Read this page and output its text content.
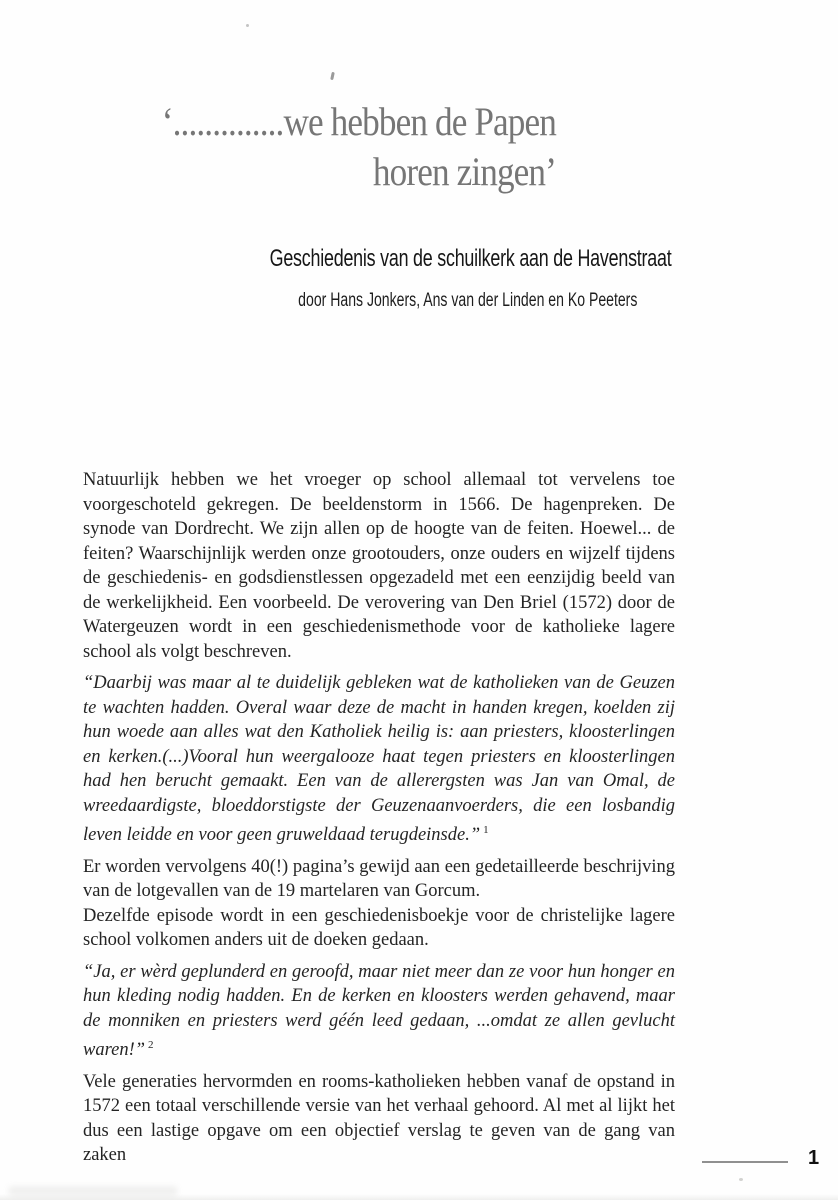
‘..............we hebben de Papen
horen zingen’
Geschiedenis van de schuilkerk aan de Havenstraat
door Hans Jonkers, Ans van der Linden en Ko Peeters
Natuurlijk hebben we het vroeger op school allemaal tot vervelens toe voorgeschoteld gekregen. De beeldenstorm in 1566. De hagenpreken. De synode van Dordrecht. We zijn allen op de hoogte van de feiten. Hoewel... de feiten? Waarschijnlijk werden onze grootouders, onze ouders en wijzelf tijdens de geschiedenis- en godsdienstlessen opgezadeld met een eenzijdig beeld van de werkelijkheid. Een voorbeeld. De verovering van Den Briel (1572) door de Watergeuzen wordt in een geschiedenismethode voor de katholieke lagere school als volgt beschreven.
“Daarbij was maar al te duidelijk gebleken wat de katholieken van de Geuzen te wachten hadden. Overal waar deze de macht in handen kregen, koelden zij hun woede aan alles wat den Katholiek heilig is: aan priesters, kloosterlingen en kerken.(...)Vooral hun weergalooze haat tegen priesters en kloosterlingen had hen berucht gemaakt. Een van de allerergsten was Jan van Omal, de wreedaardigste, bloeddorstigste der Geuzenaanvoerders, die een losbandig leven leidde en voor geen gruweldaad terugdeinsde.” $^1$
Er worden vervolgens 40(!) pagina’s gewijd aan een gedetailleerde beschrijving van de lotgevallen van de 19 martelaren van Gorcum.
Dezelfde episode wordt in een geschiedenisboekje voor de christelijke lagere school volkomen anders uit de doeken gedaan.
“Ja, er wèrd geplunderd en geroofd, maar niet meer dan ze voor hun honger en hun kleding nodig hadden. En de kerken en kloosters werden gehavend, maar de monniken en priesters werd géén leed gedaan, ...omdat ze allen gevlucht waren!” $^2$
Vele generaties hervormden en rooms-katholieken hebben vanaf de opstand in 1572 een totaal verschillende versie van het verhaal gehoord. Al met al lijkt het dus een lastige opgave om een objectief verslag te geven van de gang van zaken	1
